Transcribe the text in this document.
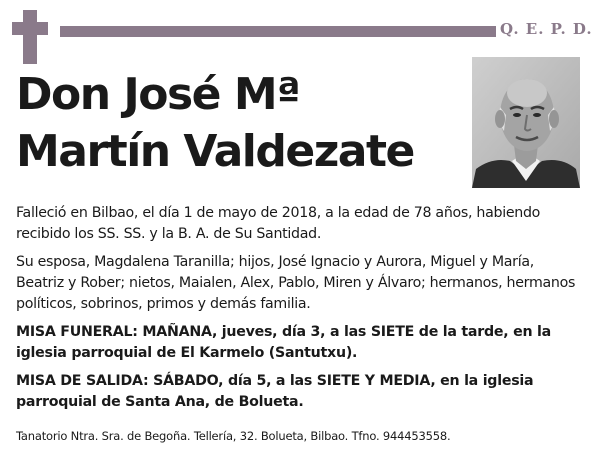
Q. E. P. D.
Don José Mª
Martín Valdezate

Falleció en Bilbao, el día 1 de mayo de 2018, a la edad de 78 años, habiendo recibido los SS. SS. y la B. A. de Su Santidad.

Su esposa, Magdalena Taranilla; hijos, José Ignacio y Aurora, Miguel y María, Beatriz y Rober; nietos, Maialen, Alex, Pablo, Miren y Álvaro; hermanos, hermanos políticos, sobrinos, primos y demás familia.

MISA FUNERAL: MAÑANA, jueves, día 3, a las SIETE de la tarde, en la iglesia parroquial de El Karmelo (Santutxu).

MISA DE SALIDA: SÁBADO, día 5, a las SIETE Y MEDIA, en la iglesia parroquial de Santa Ana, de Bolueta.

Tanatorio Ntra. Sra. de Begoña. Tellería, 32. Bolueta, Bilbao. Tfno. 944453558.
